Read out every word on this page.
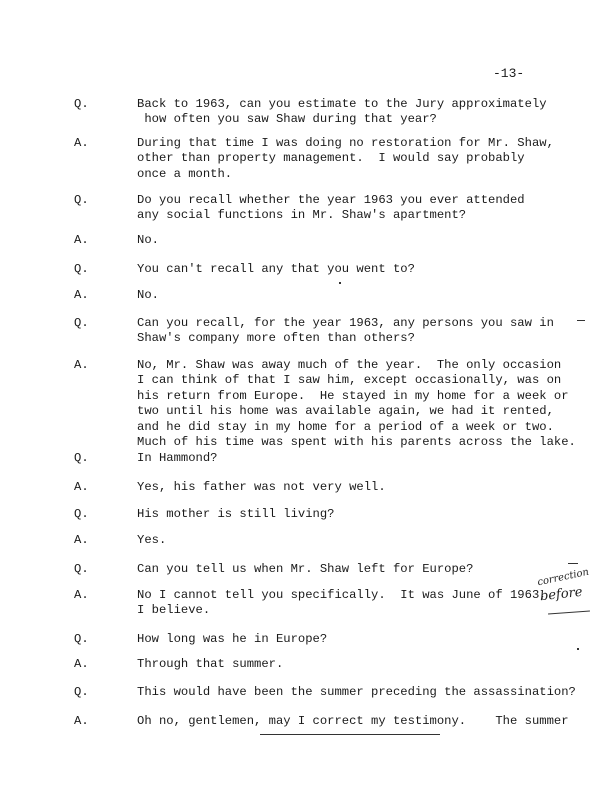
-13-
Q.	Back to 1963, can you estimate to the Jury approximately
how often you saw Shaw during that year?
A.	During that time I was doing no restoration for Mr. Shaw,
other than property management.  I would say probably
once a month.
Q.	Do you recall whether the year 1963 you ever attended
any social functions in Mr. Shaw's apartment?
A.	No.
Q.	You can't recall any that you went to?
A.	No.
Q.	Can you recall, for the year 1963, any persons you saw in
Shaw's company more often than others?
A.	No, Mr. Shaw was away much of the year.  The only occasion
I can think of that I saw him, except occasionally, was on
his return from Europe.  He stayed in my home for a week or
two until his home was available again, we had it rented,
and he did stay in my home for a period of a week or two.
Much of his time was spent with his parents across the lake.
Q.	In Hammond?
A.	Yes, his father was not very well.
Q.	His mother is still living?
A.	Yes.
Q.	Can you tell us when Mr. Shaw left for Europe?
A.	No I cannot tell you specifically.  It was June of 1963,
I believe.
Q.	How long was he in Europe?
A.	Through that summer.
Q.	This would have been the summer preceding the assassination?
A.	Oh no, gentlemen, may I correct my testimony.    The summer
correction
before
